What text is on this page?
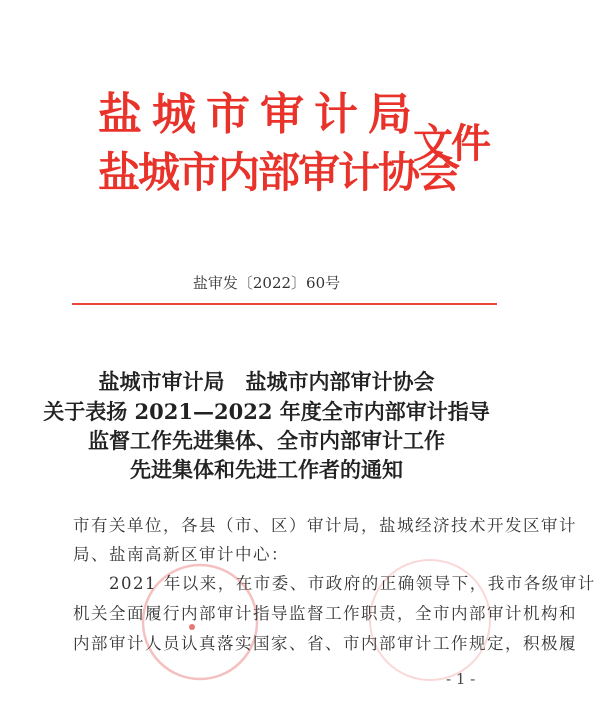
盐城市审计局
盐城市内部审计协会
文件
盐审发〔2022〕60号
盐城市审计局　盐城市内部审计协会
关于表扬 2021—2022 年度全市内部审计指导
监督工作先进集体、全市内部审计工作
先进集体和先进工作者的通知
市有关单位，各县（市、区）审计局，盐城经济技术开发区审计
局、盐南高新区审计中心：
　　2021 年以来，在市委、市政府的正确领导下，我市各级审计
机关全面履行内部审计指导监督工作职责，全市内部审计机构和
内部审计人员认真落实国家、省、市内部审计工作规定，积极履
- 1 -
